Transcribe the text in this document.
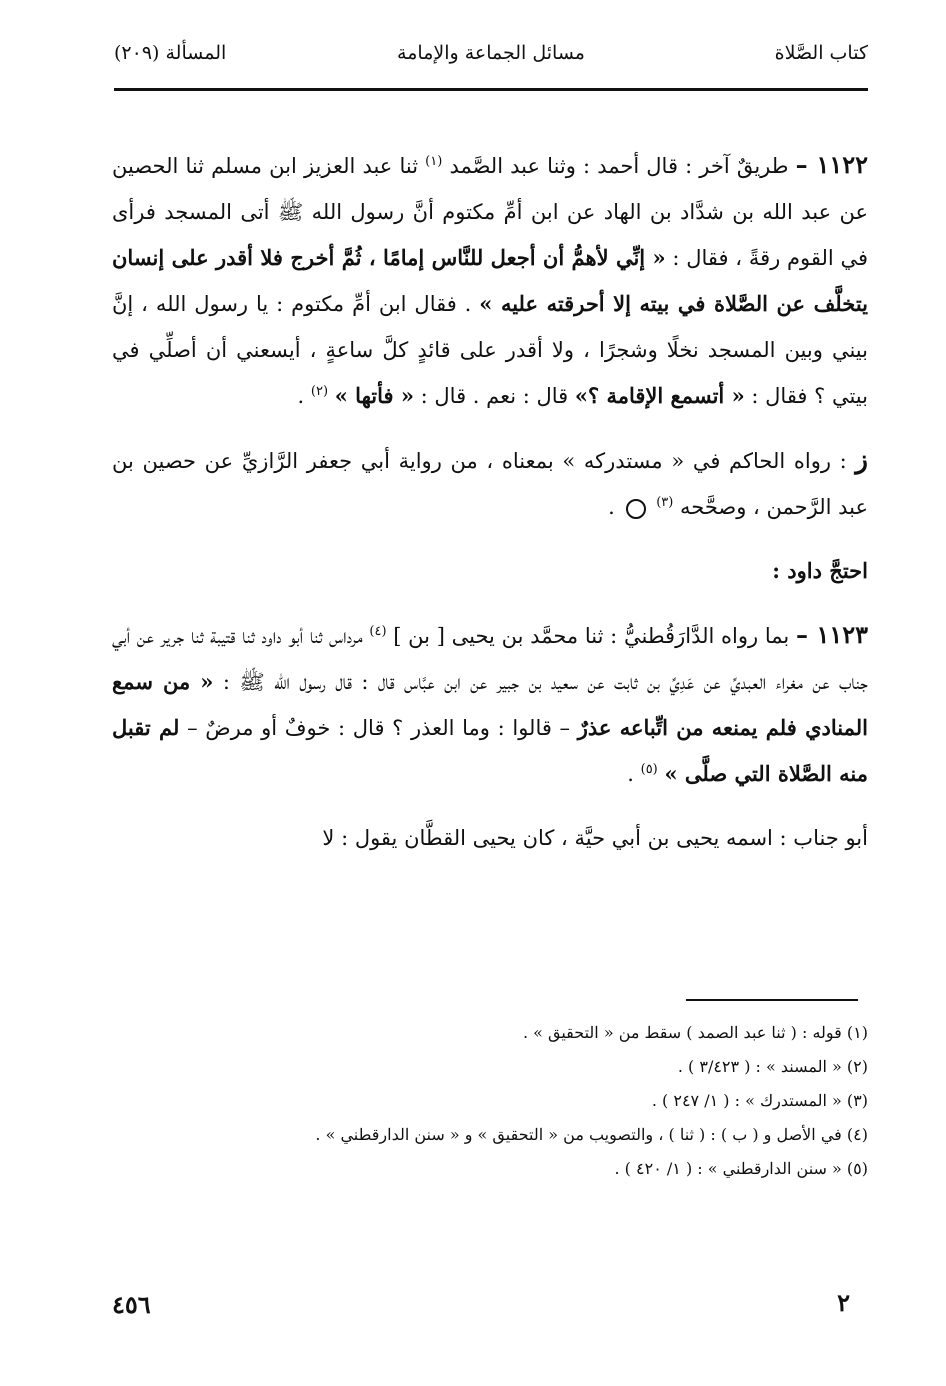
كتاب الصَّلاة
مسائل الجماعة والإمامة
المسألة (٢٠٩)

١١٢٢ – طريقٌ آخر : قال أحمد : وثنا عبد الصَّمد $^{(١)}$ ثنا عبد العزيز ابن مسلم ثنا الحصين عن عبد الله بن شدَّاد بن الهاد عن ابن أمِّ مكتوم أنَّ رسول الله ﷺ أتى المسجد فرأى في القوم رقةً ، فقال : « إنِّي لأهمُّ أن أجعل للنَّاس إمامًا ، ثُمَّ أخرج فلا أقدر على إنسان يتخلَّف عن الصَّلاة في بيته إلا أحرقته عليه » . فقال ابن أمِّ مكتوم : يا رسول الله ، إنَّ بيني وبين المسجد نخلًا وشجرًا ، ولا أقدر على قائدٍ كلَّ ساعةٍ ، أيسعني أن أصلِّي في بيتي ؟ فقال : « أتسمع الإقامة ؟» قال : نعم . قال : « فأتها » $^{(٢)}$ .

ز : رواه الحاكم في « مستدركه » بمعناه ، من رواية أبي جعفر الرَّازيِّ عن حصين بن عبد الرَّحمن ، وصحَّحه $^{(٣)}$  .

احتجَّ داود :

١١٢٣ – بما رواه الدَّارَقُطنيُّ : ثنا محمَّد بن يحيى [ بن ] $^{(٤)}$ مرداس ثنا أبو داود ثنا قتيبة ثنا جرير عن أبي جناب عن مغراء العبديِّ عن عَدِيِّ بن ثابت عن سعيد بن جبير عن ابن عبَّاس قال : قال رسول الله ﷺ : « من سمع المنادي فلم يمنعه من اتِّباعه عذرٌ – قالوا : وما العذر ؟ قال : خوفٌ أو مرضٌ – لم تقبل منه الصَّلاة التي صلَّى » $^{(٥)}$ .

أبو جناب : اسمه يحيى بن أبي حيَّة ، كان يحيى القطَّان يقول : لا

(١) قوله : ( ثنا عبد الصمد ) سقط من « التحقيق » .
(٢) « المسند » : ( ٣/٤٢٣ ) .
(٣) « المستدرك » : ( ١/ ٢٤٧ ) .
(٤) في الأصل و ( ب ) : ( ثنا ) ، والتصويب من « التحقيق » و « سنن الدارقطني » .
(٥) « سنن الدارقطني » : ( ١/ ٤٢٠ ) .
٢
٤٥٦
